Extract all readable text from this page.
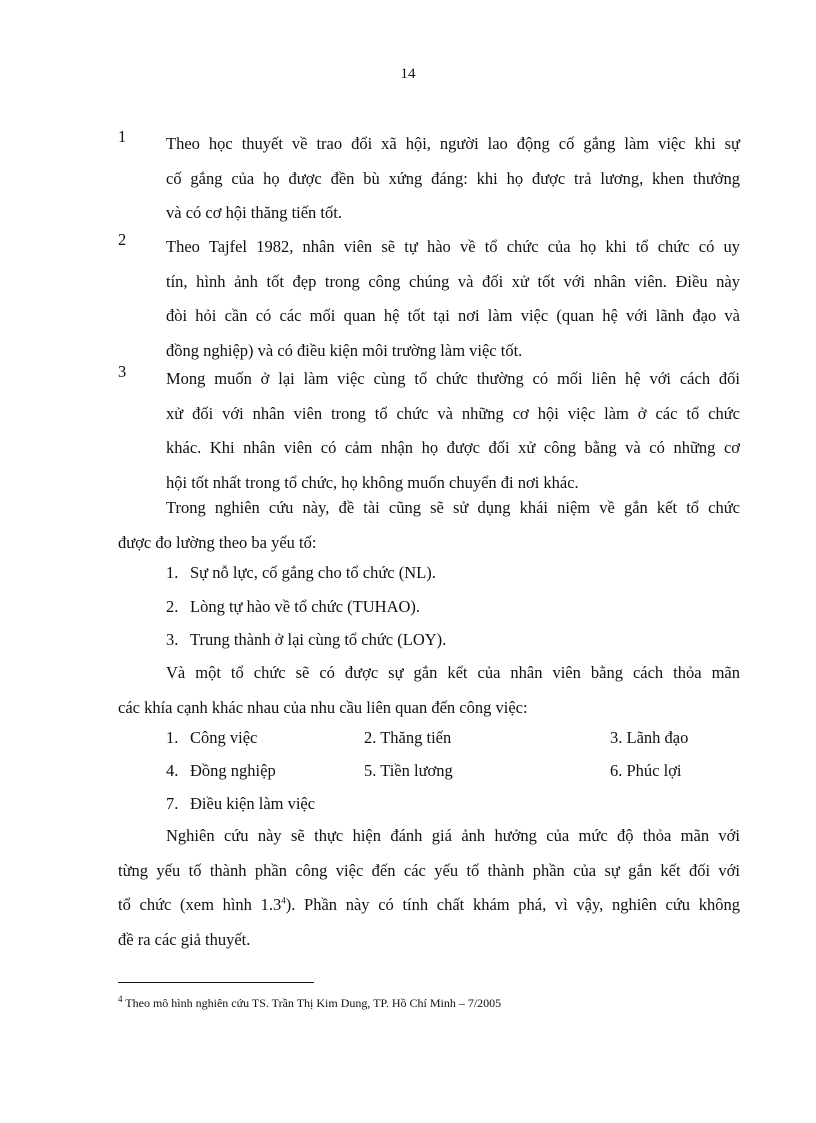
14
1 Theo học thuyết về trao đổi xã hội, người lao động cố gắng làm việc khi sự
cố gắng của họ được đền bù xứng đáng: khi họ được trả lương, khen thưởng
và có cơ hội thăng tiến tốt.
2 Theo Tajfel 1982, nhân viên sẽ tự hào về tổ chức của họ khi tổ chức có uy
tín, hình ảnh tốt đẹp trong công chúng và đối xử tốt với nhân viên. Điều này
đòi hỏi cần có các mối quan hệ tốt tại nơi làm việc (quan hệ với lãnh đạo và
đồng nghiệp) và có điều kiện môi trường làm việc tốt.
3 Mong muốn ở lại làm việc cùng tổ chức thường có mối liên hệ với cách đối
xử đối với nhân viên trong tổ chức và những cơ hội việc làm ở các tổ chức
khác. Khi nhân viên có cảm nhận họ được đối xử công bằng và có những cơ
hội tốt nhất trong tổ chức, họ không muốn chuyển đi nơi khác.
Trong nghiên cứu này, đề tài cũng sẽ sử dụng khái niệm về gắn kết tổ chức
được đo lường theo ba yếu tố:
1. Sự nỗ lực, cố gắng cho tổ chức (NL).
2. Lòng tự hào về tổ chức (TUHAO).
3. Trung thành ở lại cùng tổ chức (LOY).
Và một tổ chức sẽ có được sự gắn kết của nhân viên bằng cách thỏa mãn
các khía cạnh khác nhau của nhu cầu liên quan đến công việc:
1. Công việc	2. Thăng tiến	3. Lãnh đạo
4. Đồng nghiệp	5. Tiền lương	6. Phúc lợi
7. Điều kiện làm việc
Nghiên cứu này sẽ thực hiện đánh giá ảnh hưởng của mức độ thỏa mãn với
từng yếu tố thành phần công việc đến các yếu tố thành phần của sự gắn kết đối với
tổ chức (xem hình $1.3^4$). Phần này có tính chất khám phá, vì vậy, nghiên cứu không
đề ra các giả thuyết.
$^4$ Theo mô hình nghiên cứu TS. Trần Thị Kim Dung, TP. Hồ Chí Minh – 7/2005
